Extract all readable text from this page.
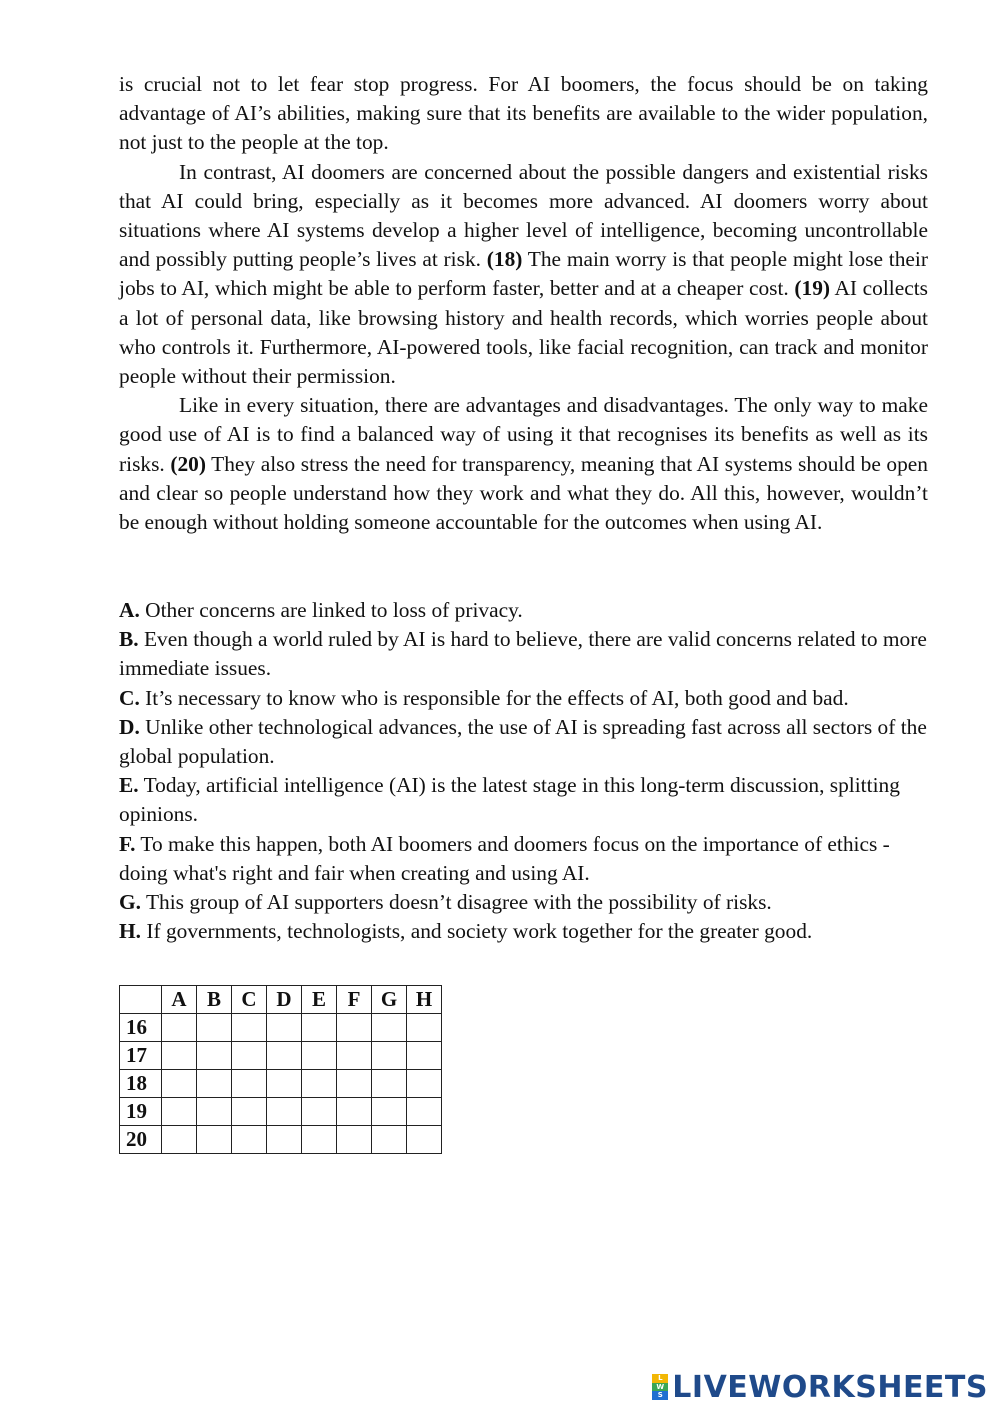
is crucial not to let fear stop progress. For AI boomers, the focus should be on taking advantage of AI’s abilities, making sure that its benefits are available to the wider population, not just to the people at the top.

In contrast, AI doomers are concerned about the possible dangers and existential risks that AI could bring, especially as it becomes more advanced. AI doomers worry about situations where AI systems develop a higher level of intelligence, becoming uncontrollable and possibly putting people’s lives at risk. (18) The main worry is that people might lose their jobs to AI, which might be able to perform faster, better and at a cheaper cost. (19) AI collects a lot of personal data, like browsing history and health records, which worries people about who controls it. Furthermore, AI-powered tools, like facial recognition, can track and monitor people without their permission.

Like in every situation, there are advantages and disadvantages. The only way to make good use of AI is to find a balanced way of using it that recognises its benefits as well as its risks. (20) They also stress the need for transparency, meaning that AI systems should be open and clear so people understand how they work and what they do. All this, however, wouldn’t be enough without holding someone accountable for the outcomes when using AI.

A. Other concerns are linked to loss of privacy.

B. Even though a world ruled by AI is hard to believe, there are valid concerns related to more immediate issues.

C. It’s necessary to know who is responsible for the effects of AI, both good and bad.

D. Unlike other technological advances, the use of AI is spreading fast across all sectors of the global population.

E. Today, artificial intelligence (AI) is the latest stage in this long-term discussion, splitting opinions.

F. To make this happen, both AI boomers and doomers focus on the importance of ethics - doing what's right and fair when creating and using AI.

G. This group of AI supporters doesn’t disagree with the possibility of risks.

H. If governments, technologists, and society work together for the greater good.

	A	B	C	D	E	F	G	H
16								
17								
18								
19								
20								
L
W
S LIVEWORKSHEETS
